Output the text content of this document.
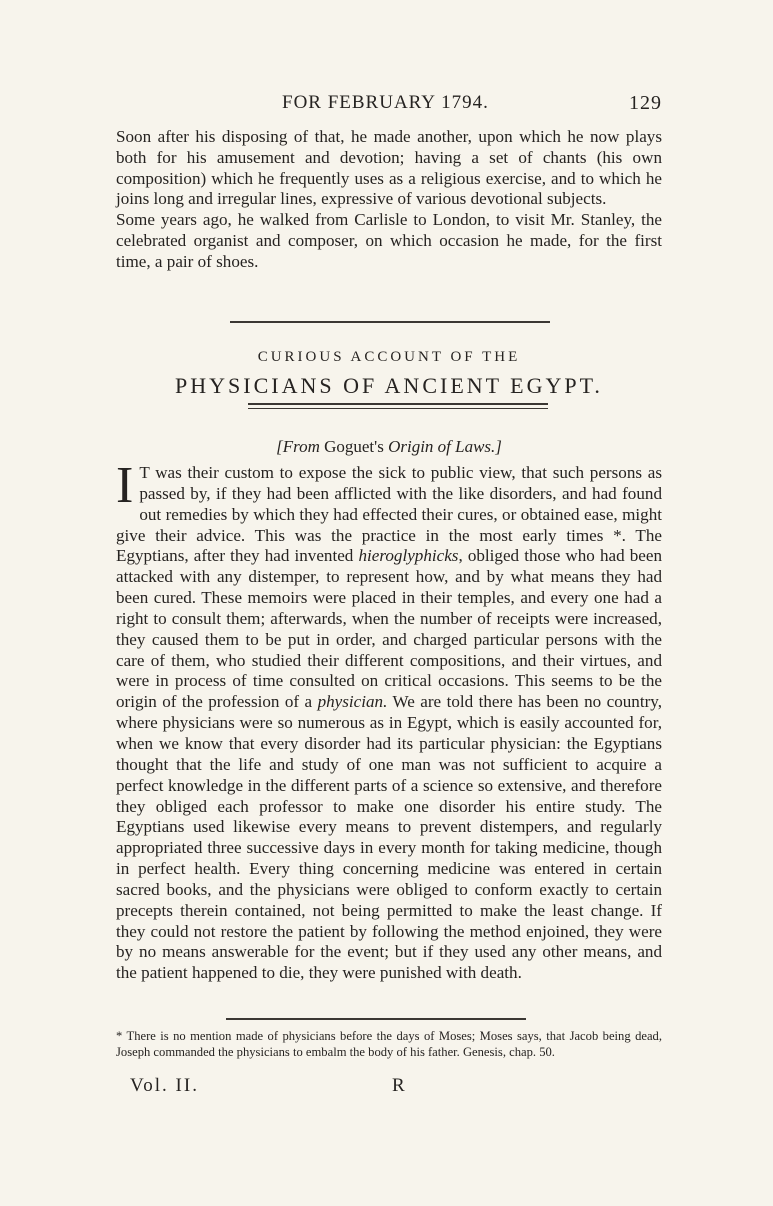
FOR FEBRUARY 1794.	129

Soon after his disposing of that, he made another, upon which he now plays both for his amusement and devotion; having a set of chants (his own composition) which he frequently uses as a religious exercise, and to which he joins long and irregular lines, expressive of various devotional subjects.

Some years ago, he walked from Carlisle to London, to visit Mr. Stanley, the celebrated organist and composer, on which occasion he made, for the first time, a pair of shoes.

CURIOUS ACCOUNT OF THE
PHYSICIANS OF ANCIENT EGYPT.
[From Goguet's Origin of Laws.]

I T was their custom to expose the sick to public view, that such persons as passed by, if they had been afflicted with the like disorders, and had found out remedies by which they had effected their cures, or obtained ease, might give their advice. This was the practice in the most early times *. The Egyptians, after they had invented hieroglyphicks, obliged those who had been attacked with any distemper, to represent how, and by what means they had been cured. These memoirs were placed in their temples, and every one had a right to consult them; afterwards, when the number of receipts were increased, they caused them to be put in order, and charged particular persons with the care of them, who studied their different compositions, and their virtues, and were in process of time consulted on critical occasions. This seems to be the origin of the profession of a physician. We are told there has been no country, where physicians were so numerous as in Egypt, which is easily accounted for, when we know that every disorder had its particular physician: the Egyptians thought that the life and study of one man was not sufficient to acquire a perfect knowledge in the different parts of a science so extensive, and therefore they obliged each professor to make one disorder his entire study. The Egyptians used likewise every means to prevent distempers, and regularly appropriated three successive days in every month for taking medicine, though in perfect health. Every thing concerning medicine was entered in certain sacred books, and the physicians were obliged to conform exactly to certain precepts therein contained, not being permitted to make the least change. If they could not restore the patient by following the method enjoined, they were by no means answerable for the event; but if they used any other means, and the patient happened to die, they were punished with death.

* There is no mention made of physicians before the days of Moses; Moses says, that Jacob being dead, Joseph commanded the physicians to embalm the body of his father. Genesis, chap. 50.
Vol. II.	R
